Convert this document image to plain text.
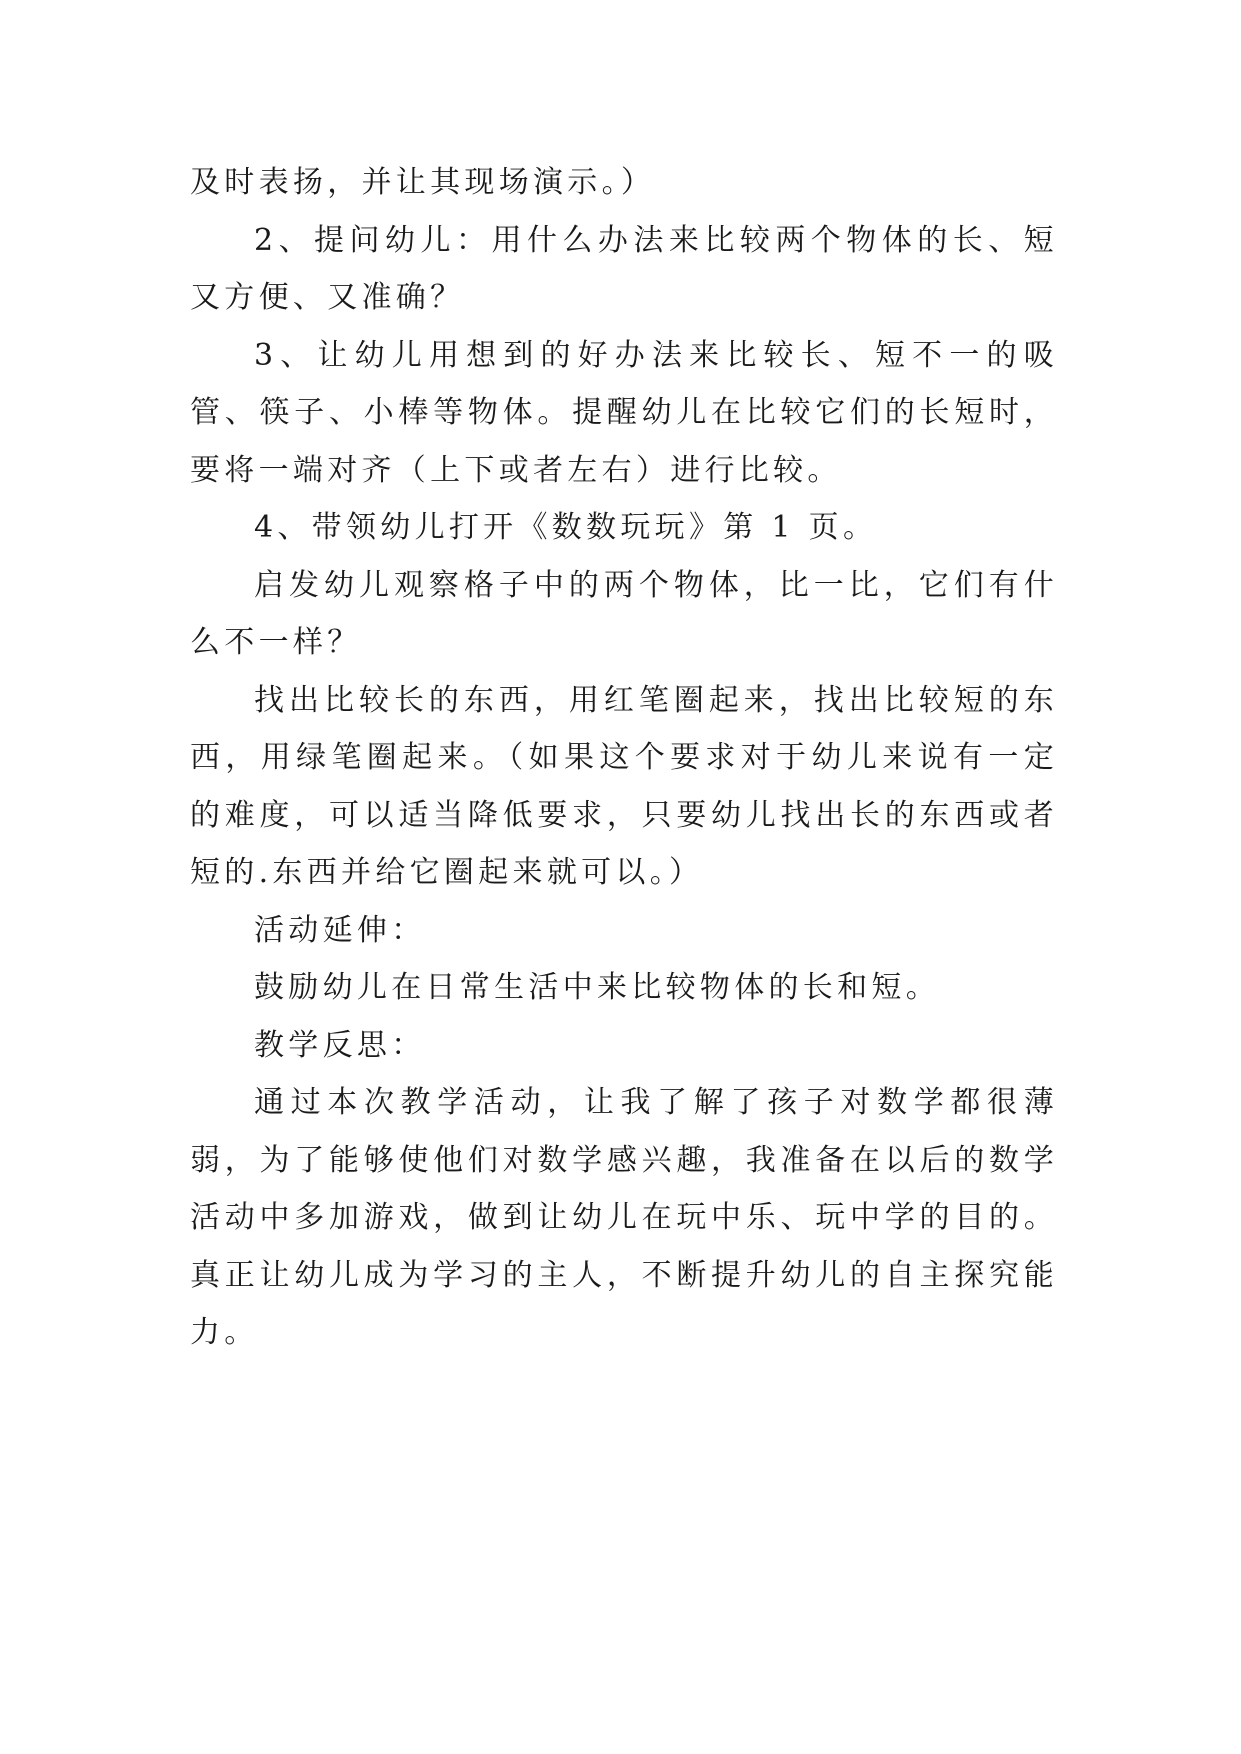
及时表扬，并让其现场演示。）

2、提问幼儿：用什么办法来比较两个物体的长、短又方便、又准确？

3、让幼儿用想到的好办法来比较长、短不一的吸管、筷子、小棒等物体。提醒幼儿在比较它们的长短时，要将一端对齐（上下或者左右）进行比较。

4、带领幼儿打开《数数玩玩》第 1 页。

启发幼儿观察格子中的两个物体，比一比，它们有什么不一样？

找出比较长的东西，用红笔圈起来，找出比较短的东西，用绿笔圈起来。（如果这个要求对于幼儿来说有一定的难度，可以适当降低要求，只要幼儿找出长的东西或者短的.东西并给它圈起来就可以。）

活动延伸：

鼓励幼儿在日常生活中来比较物体的长和短。

教学反思：

通过本次教学活动，让我了解了孩子对数学都很薄弱，为了能够使他们对数学感兴趣，我准备在以后的数学活动中多加游戏，做到让幼儿在玩中乐、玩中学的目的。真正让幼儿成为学习的主人，不断提升幼儿的自主探究能力。
